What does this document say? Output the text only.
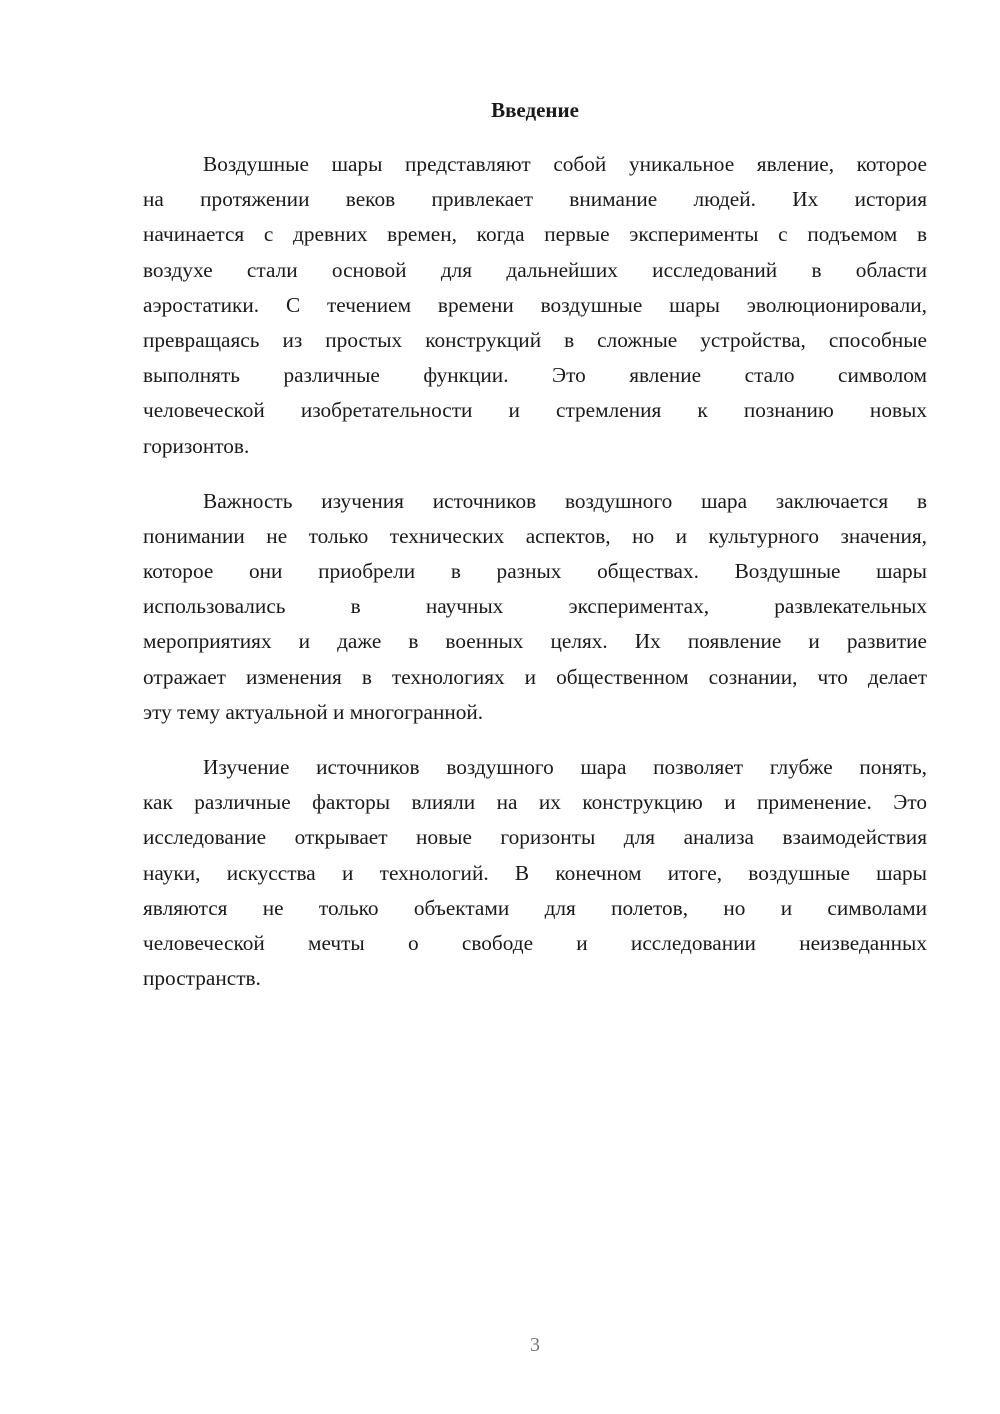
Введение
Воздушные шары представляют собой уникальное явление, которое
на протяжении веков привлекает внимание людей. Их история
начинается с древних времен, когда первые эксперименты с подъемом в
воздухе стали основой для дальнейших исследований в области
аэростатики. С течением времени воздушные шары эволюционировали,
превращаясь из простых конструкций в сложные устройства, способные
выполнять различные функции. Это явление стало символом
человеческой изобретательности и стремления к познанию новых
горизонтов.
Важность изучения источников воздушного шара заключается в
понимании не только технических аспектов, но и культурного значения,
которое они приобрели в разных обществах. Воздушные шары
использовались в научных экспериментах, развлекательных
мероприятиях и даже в военных целях. Их появление и развитие
отражает изменения в технологиях и общественном сознании, что делает
эту тему актуальной и многогранной.
Изучение источников воздушного шара позволяет глубже понять,
как различные факторы влияли на их конструкцию и применение. Это
исследование открывает новые горизонты для анализа взаимодействия
науки, искусства и технологий. В конечном итоге, воздушные шары
являются не только объектами для полетов, но и символами
человеческой мечты о свободе и исследовании неизведанных
пространств.
3
